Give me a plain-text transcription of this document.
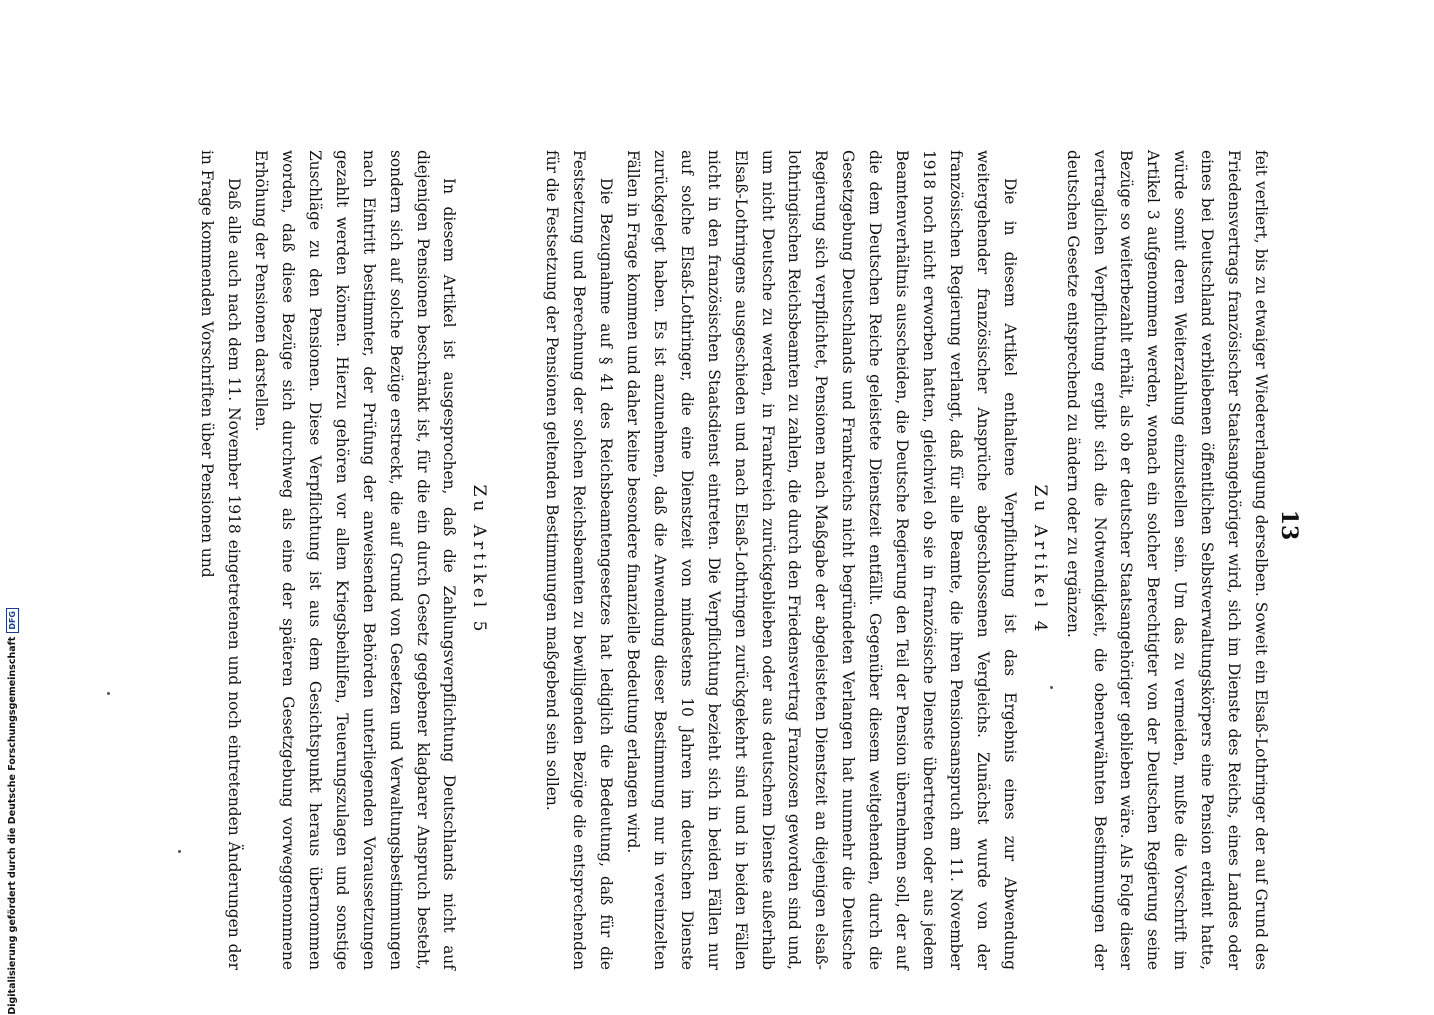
13

feit verliert, bis zu etwaiger Wiedererlangung derselben. Soweit ein Elsaß-Lothringer der auf Grund des Friedensvertrags französischer Staatsangehöriger wird, sich im Dienste des Reichs, eines Landes oder eines bei Deutschland verbliebenen öffentlichen Selbstverwaltungskörpers eine Pension erdient hatte, würde somit deren Weiterzahlung einzustellen sein. Um das zu vermeiden, mußte die Vorschrift im Artikel 3 aufgenommen werden, wonach ein solcher Berechtigter von der Deutschen Regierung seine Bezüge so weiterbezahlt erhält, als ob er deutscher Staatsangehöriger geblieben wäre. Als Folge dieser vertraglichen Verpflichtung ergibt sich die Notwendigkeit, die obenerwähnten Bestimmungen der deutschen Gesetze entsprechend zu ändern oder zu ergänzen.

Zu Artikel 4

Die in diesem Artikel enthaltene Verpflichtung ist das Ergebnis eines zur Abwendung weitergehender französischer Ansprüche abgeschlossenen Vergleichs. Zunächst wurde von der französischen Regierung verlangt, daß für alle Beamte, die ihren Pensionsanspruch am 11. November 1918 noch nicht erworben hatten, gleichviel ob sie in französische Dienste übertreten oder aus jedem Beamtenverhältnis ausscheiden, die Deutsche Regierung den Teil der Pension übernehmen soll, der auf die dem Deutschen Reiche geleistete Dienstzeit entfällt. Gegenüber diesem weitgehenden, durch die Gesetzgebung Deutschlands und Frankreichs nicht begründeten Verlangen hat nunmehr die Deutsche Regierung sich verpflichtet, Pensionen nach Maßgabe der abgeleisteten Dienstzeit an diejenigen elsaß-lothringischen Reichsbeamten zu zahlen, die durch den Friedensvertrag Franzosen geworden sind und, um nicht Deutsche zu werden, in Frankreich zurückgeblieben oder aus deutschem Dienste außerhalb Elsaß-Lothringens ausgeschieden und nach Elsaß-Lothringen zurückgekehrt sind und in beiden Fällen nicht in den französischen Staatsdienst eintreten. Die Verpflichtung bezieht sich in beiden Fällen nur auf solche Elsaß-Lothringer, die eine Dienstzeit von mindestens 10 Jahren im deutschen Dienste zurückgelegt haben. Es ist anzunehmen, daß die Anwendung dieser Bestimmung nur in vereinzelten Fällen in Frage kommen und daher keine besondere finanzielle Bedeutung erlangen wird.

Die Bezugnahme auf § 41 des Reichsbeamtengesetzes hat lediglich die Bedeutung, daß für die Festsetzung und Berechnung der solchen Reichsbeamten zu bewilligenden Bezüge die entsprechenden für die Festsetzung der Pensionen geltenden Bestimmungen maßgebend sein sollen.

Zu Artikel 5

In diesem Artikel ist ausgesprochen, daß die Zahlungsverpflichtung Deutschlands nicht auf diejenigen Pensionen beschränkt ist, für die ein durch Gesetz gegebener klagbarer Anspruch besteht, sondern sich auf solche Bezüge erstreckt, die auf Grund von Gesetzen und Verwaltungsbestimmungen nach Eintritt bestimmter, der Prüfung der anweisenden Behörden unterliegenden Voraussetzungen gezahlt werden können. Hierzu gehören vor allem Kriegsbeihilfen, Teuerungszulagen und sonstige Zuschläge zu den Pensionen. Diese Verpflichtung ist aus dem Gesichtspunkt heraus übernommen worden, daß diese Bezüge sich durchweg als eine der späteren Gesetzgebung vorweggenommene Erhöhung der Pensionen darstellen.

Daß alle auch nach dem 11. November 1918 eingetretenen und noch eintretenden Änderungen der in Frage kommenden Vorschriften über Pensionen und

Digitalisierung gefördert durch die Deutsche Forschungsgemeinschaft
DFG
